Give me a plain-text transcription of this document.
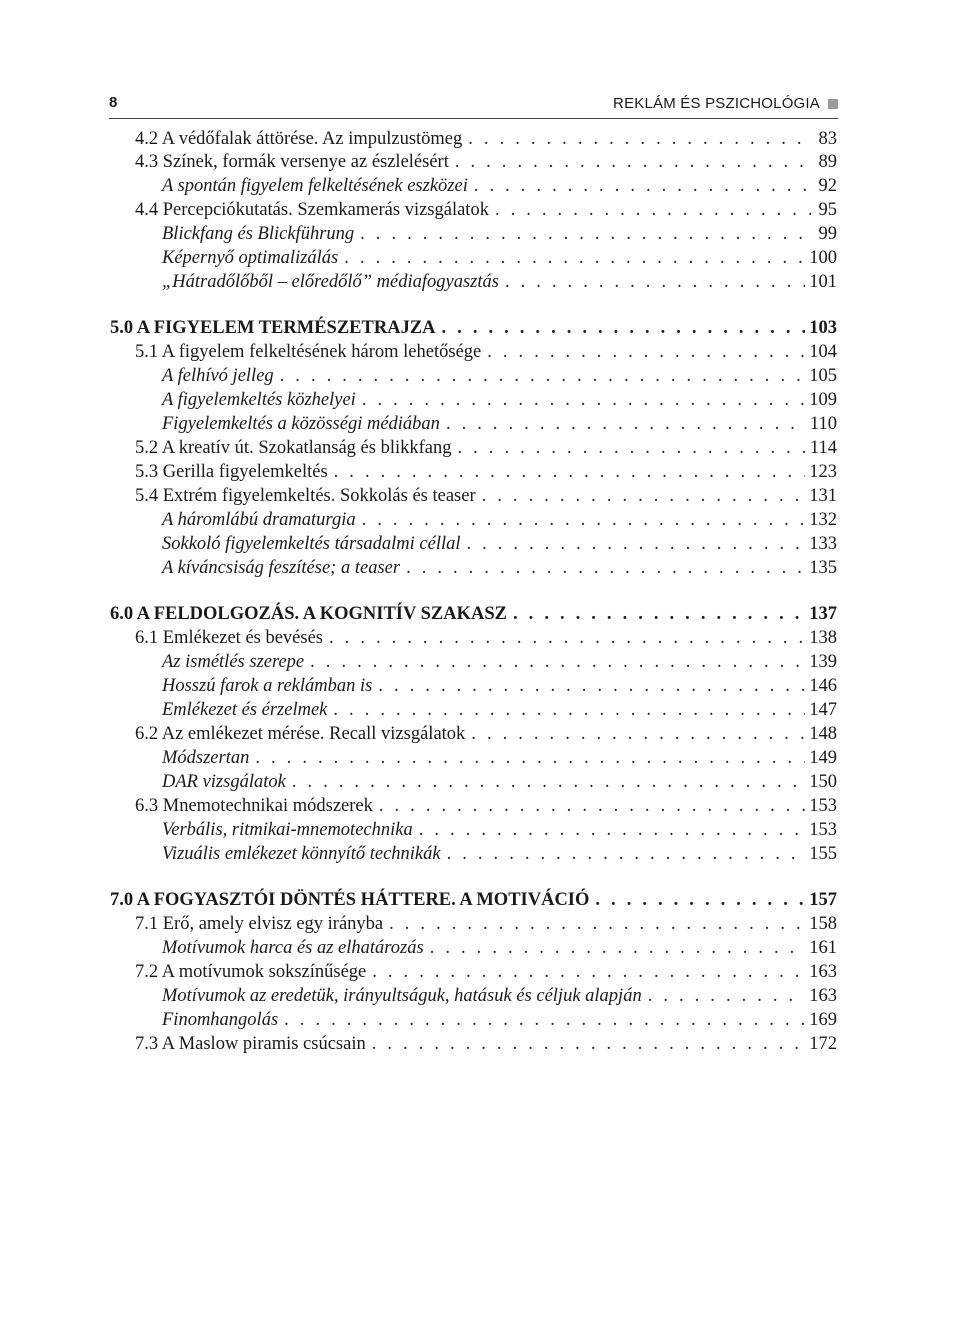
8	REKLÁM ÉS PSZICHOLÓGIA
4.2 A védőfalak áttörése. Az impulzustömeg . . .	83
4.3 Színek, formák versenye az észlelésért . . .	89
A spontán figyelem felkeltésének eszközei . . .	92
4.4 Percepciókutatás. Szemkamerás vizsgálatok . . .	95
Blickfang és Blickführung . . .	99
Képernyő optimalizálás . . .	100
„Hátradőlőből – előredőlő” médiafogyasztás . . .	101
5.0 A FIGYELEM TERMÉSZETRAJZA . . .	103
5.1 A figyelem felkeltésének három lehetősége . . .	104
A felhívó jelleg . . .	105
A figyelemkeltés közhelyei . . .	109
Figyelemkeltés a közösségi médiában . . .	110
5.2 A kreatív út. Szokatlanság és blikkfang . . .	114
5.3 Gerilla figyelemkeltés . . .	123
5.4 Extrém figyelemkeltés. Sokkolás és teaser . . .	131
A háromlábú dramaturgia . . .	132
Sokkoló figyelemkeltés társadalmi céllal . . .	133
A kíváncsiság feszítése; a teaser . . .	135
6.0 A FELDOLGOZÁS. A KOGNITÍV SZAKASZ . . .	137
6.1 Emlékezet és bevésés . . .	138
Az ismétlés szerepe . . .	139
Hosszú farok a reklámban is . . .	146
Emlékezet és érzelmek . . .	147
6.2 Az emlékezet mérése. Recall vizsgálatok . . .	148
Módszertan . . .	149
DAR vizsgálatok . . .	150
6.3 Mnemotechnikai módszerek . . .	153
Verbális, ritmikai-mnemotechnika . . .	153
Vizuális emlékezet könnyítő technikák . . .	155
7.0 A FOGYASZTÓI DÖNTÉS HÁTTERE. A MOTIVÁCIÓ . . .	157
7.1 Erő, amely elvisz egy irányba . . .	158
Motívumok harca és az elhatározás . . .	161
7.2 A motívumok sokszínűsége . . .	163
Motívumok az eredetük, irányultságuk, hatásuk és céljuk alapján . . .	163
Finomhangolás . . .	169
7.3 A Maslow piramis csúcsain . . .	172
